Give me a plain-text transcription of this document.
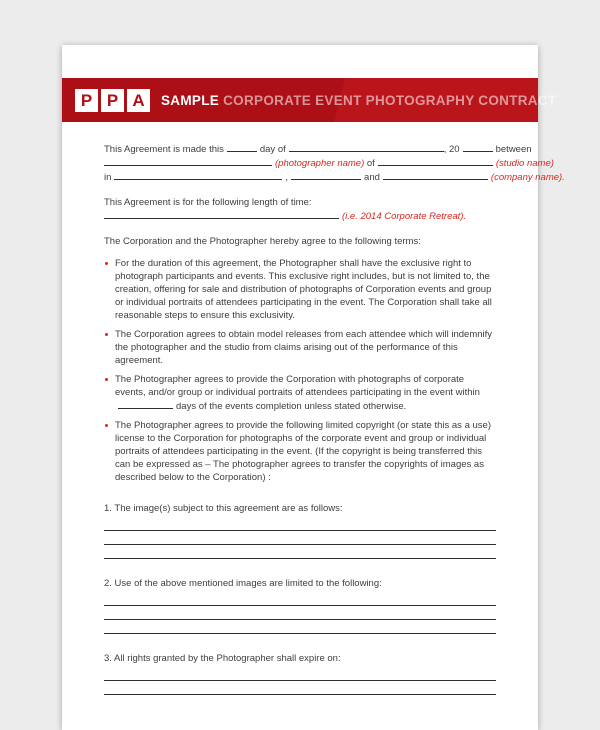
P P A	SAMPLE CORPORATE EVENT PHOTOGRAPHY CONTRACT
This Agreement is made this	day of	, 20	between
(photographer name) of	(studio name)
in	,	and	(company name).
This Agreement is for the following length of time:
(i.e. 2014 Corporate Retreat).
The Corporation and the Photographer hereby agree to the following terms:
For the duration of this agreement, the Photographer shall have the exclusive right to photograph participants and events. This exclusive right includes, but is not limited to, the creation, offering for sale and distribution of photographs of Corporation events and group or individual portraits of attendees participating in the event. The Corporation shall take all reasonable steps to ensure this exclusivity.
The Corporation agrees to obtain model releases from each attendee which will indemnify the photographer and the studio from claims arising out of the performance of this agreement.
The Photographer agrees to provide the Corporation with photographs of corporate events, and/or group or individual portraits of attendees participating in the event withindays of the events completion unless stated otherwise.
The Photographer agrees to provide the following limited copyright (or state this as a use) license to the Corporation for photographs of the corporate event and group or individual portraits of attendees participating in the event. (If the copyright is being transferred this can be expressed as – The photographer agrees to transfer the copyrights of images as described below to the Corporation) :
1. The image(s) subject to this agreement are as follows:
2. Use of the above mentioned images are limited to the following:
3. All rights granted by the Photographer shall expire on:
